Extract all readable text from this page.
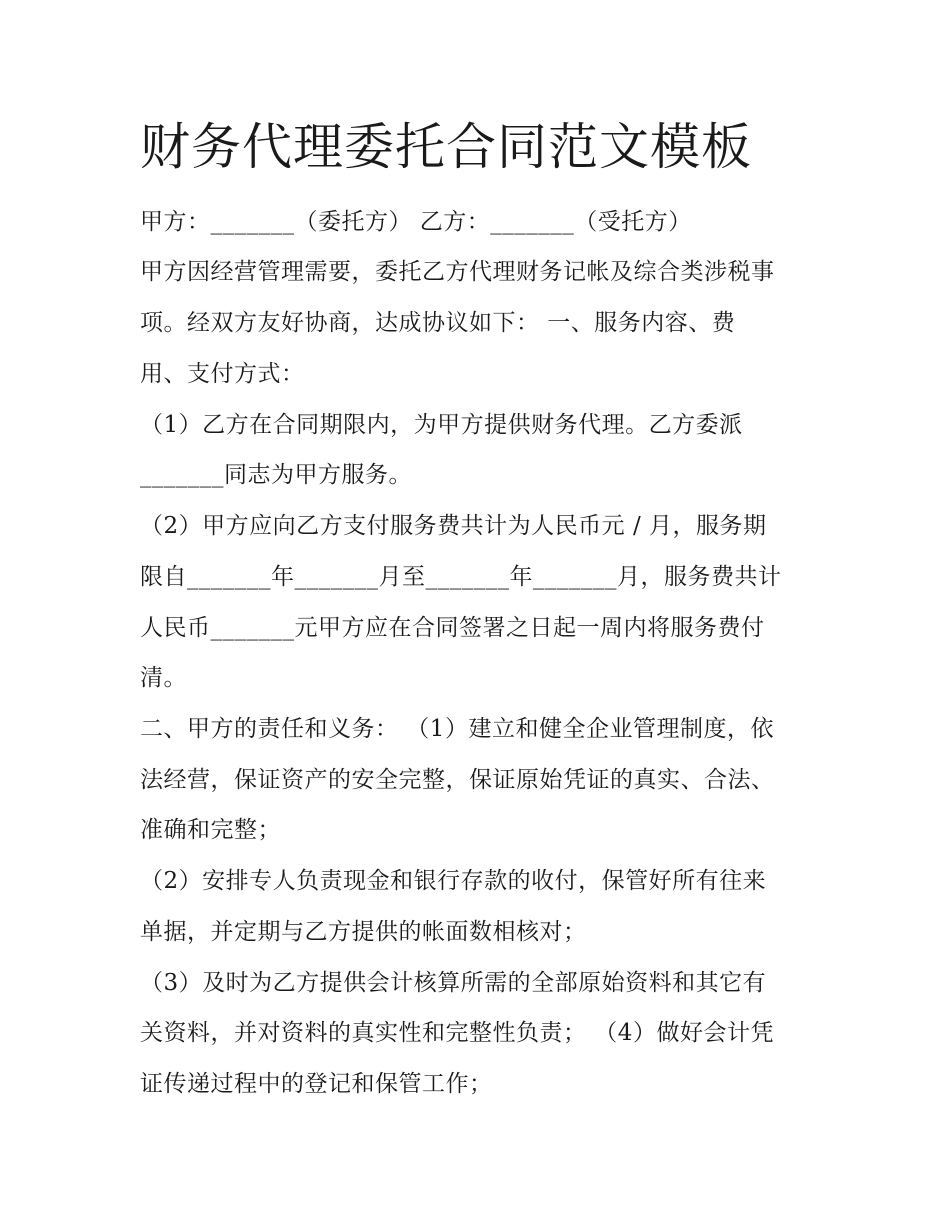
财务代理委托合同范文模板
甲方：_______（委托方） 乙方：_______（受托方）
甲方因经营管理需要，委托乙方代理财务记帐及综合类涉税事
项。经双方友好协商，达成协议如下： 一、服务内容、费
用、支付方式：
（1）乙方在合同期限内，为甲方提供财务代理。乙方委派
_______同志为甲方服务。
（2）甲方应向乙方支付服务费共计为人民币元 / 月，服务期
限自_______年_______月至_______年_______月，服务费共计
人民币_______元甲方应在合同签署之日起一周内将服务费付
清。
二、甲方的责任和义务： （1）建立和健全企业管理制度，依
法经营，保证资产的安全完整，保证原始凭证的真实、合法、
准确和完整；
（2）安排专人负责现金和银行存款的收付，保管好所有往来
单据，并定期与乙方提供的帐面数相核对；
（3）及时为乙方提供会计核算所需的全部原始资料和其它有
关资料，并对资料的真实性和完整性负责； （4）做好会计凭
证传递过程中的登记和保管工作；
